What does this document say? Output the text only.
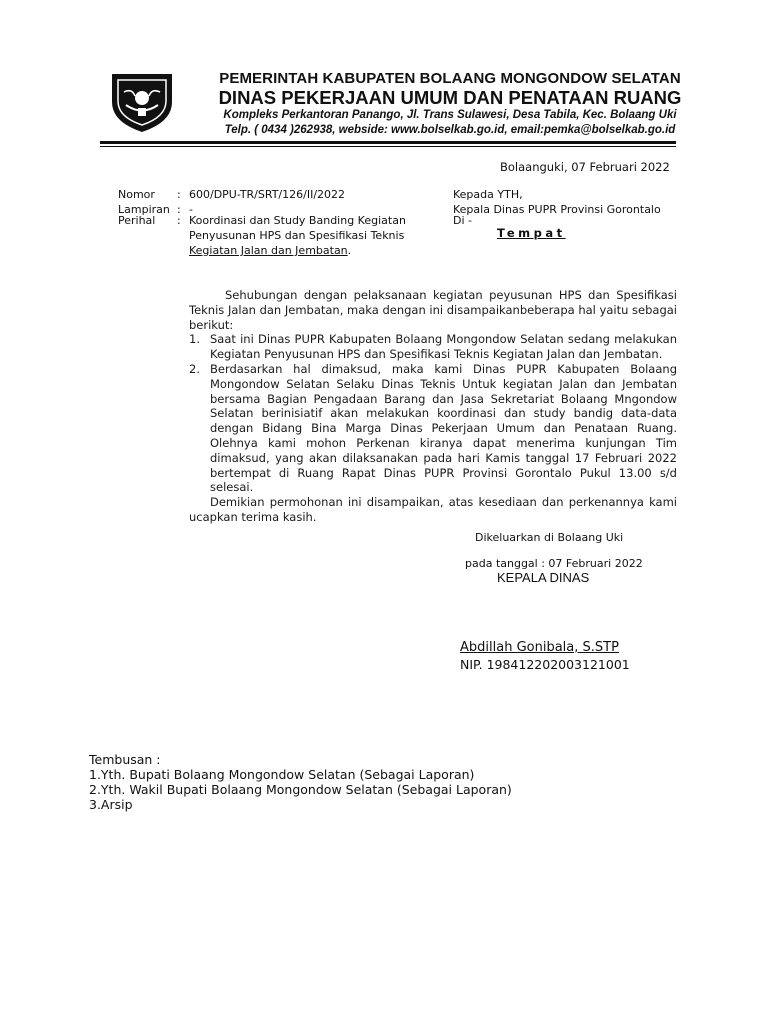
PEMERINTAH KABUPATEN BOLAANG MONGONDOW SELATAN
DINAS PEKERJAAN UMUM DAN PENATAAN RUANG
Kompleks Perkantoran Panango, Jl. Trans Sulawesi, Desa Tabila, Kec. Bolaang Uki
Telp. ( 0434 )262938, webside: www.bolselkab.go.id, email:pemka@bolselkab.go.id
Bolaanguki, 07 Februari 2022
Nomor : 600/DPU-TR/SRT/126/II/2022
Lampiran : -
Perihal : Koordinasi dan Study Banding Kegiatan
Penyusunan HPS dan Spesifikasi Teknis
Kegiatan Jalan dan Jembatan.
Kepada YTH,
Kepala Dinas PUPR Provinsi Gorontalo
Di -
Tempat

Sehubungan dengan pelaksanaan kegiatan peyusunan HPS dan Spesifikasi Teknis Jalan dan Jembatan, maka dengan ini disampaikanbeberapa hal yaitu sebagai berikut:

1. Saat ini Dinas PUPR Kabupaten Bolaang Mongondow Selatan sedang melakukan Kegiatan Penyusunan HPS dan Spesifikasi Teknis Kegiatan Jalan dan Jembatan.
2. Berdasarkan hal dimaksud, maka kami Dinas PUPR Kabupaten Bolaang Mongondow Selatan Selaku Dinas Teknis Untuk kegiatan Jalan dan Jembatan bersama Bagian Pengadaan Barang dan Jasa Sekretariat Bolaang Mngondow Selatan berinisiatif akan melakukan koordinasi dan study bandig data-data dengan Bidang Bina Marga Dinas Pekerjaan Umum dan Penataan Ruang. Olehnya kami mohon Perkenan kiranya dapat menerima kunjungan Tim dimaksud, yang akan dilaksanakan pada hari Kamis tanggal 17 Februari 2022 bertempat di Ruang Rapat Dinas PUPR Provinsi Gorontalo Pukul 13.00 s/d selesai.

Demikian permohonan ini disampaikan, atas kesediaan dan perkenannya kami ucapkan terima kasih.

Dikeluarkan di Bolaang Uki
pada tanggal : 07 Februari 2022
KEPALA DINAS
Abdillah Gonibala, S.STP
NIP. 198412202003121001
Tembusan :
1.Yth. Bupati Bolaang Mongondow Selatan (Sebagai Laporan)
2.Yth. Wakil Bupati Bolaang Mongondow Selatan (Sebagai Laporan)
3.Arsip
